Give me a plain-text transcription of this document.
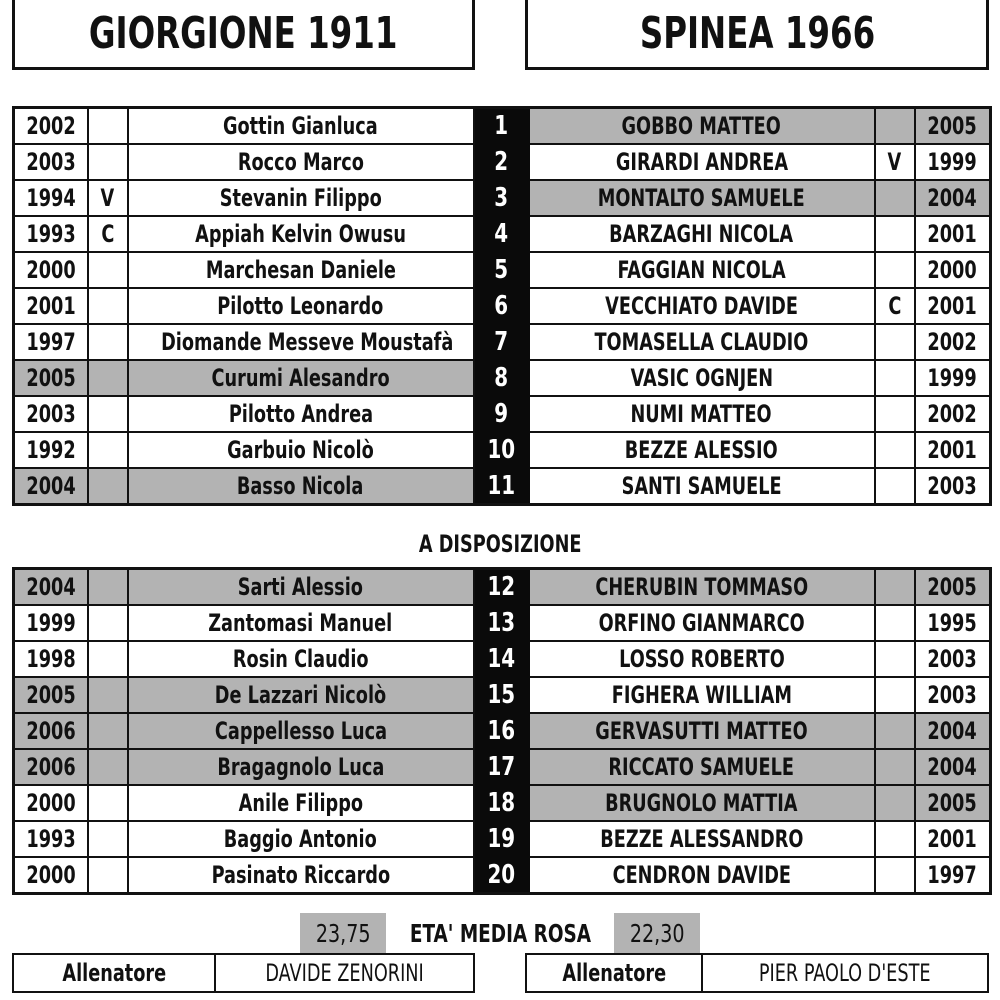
GIORGIONE 1911	SPINEA 1966
2002		Gottin Gianluca	1	GOBBO MATTEO		2005
2003		Rocco Marco	2	GIRARDI ANDREA	V	1999
1994	V	Stevanin Filippo	3	MONTALTO SAMUELE		2004
1993	C	Appiah Kelvin Owusu	4	BARZAGHI NICOLA		2001
2000		Marchesan Daniele	5	FAGGIAN NICOLA		2000
2001		Pilotto Leonardo	6	VECCHIATO DAVIDE	C	2001
1997		Diomande Messeve Moustafà	7	TOMASELLA CLAUDIO		2002
2005		Curumi Alesandro	8	VASIC OGNJEN		1999
2003		Pilotto Andrea	9	NUMI MATTEO		2002
1992		Garbuio Nicolò	10	BEZZE ALESSIO		2001
2004		Basso Nicola	11	SANTI SAMUELE		2003
A DISPOSIZIONE
2004		Sarti Alessio	12	CHERUBIN TOMMASO		2005
1999		Zantomasi Manuel	13	ORFINO GIANMARCO		1995
1998		Rosin Claudio	14	LOSSO ROBERTO		2003
2005		De Lazzari Nicolò	15	FIGHERA WILLIAM		2003
2006		Cappellesso Luca	16	GERVASUTTI MATTEO		2004
2006		Bragagnolo Luca	17	RICCATO SAMUELE		2004
2000		Anile Filippo	18	BRUGNOLO MATTIA		2005
1993		Baggio Antonio	19	BEZZE ALESSANDRO		2001
2000		Pasinato Riccardo	20	CENDRON DAVIDE		1997
23,75 ETA' MEDIA ROSA 22,30
Allenatore	DAVIDE ZENORINI	Allenatore	PIER PAOLO D'ESTE
